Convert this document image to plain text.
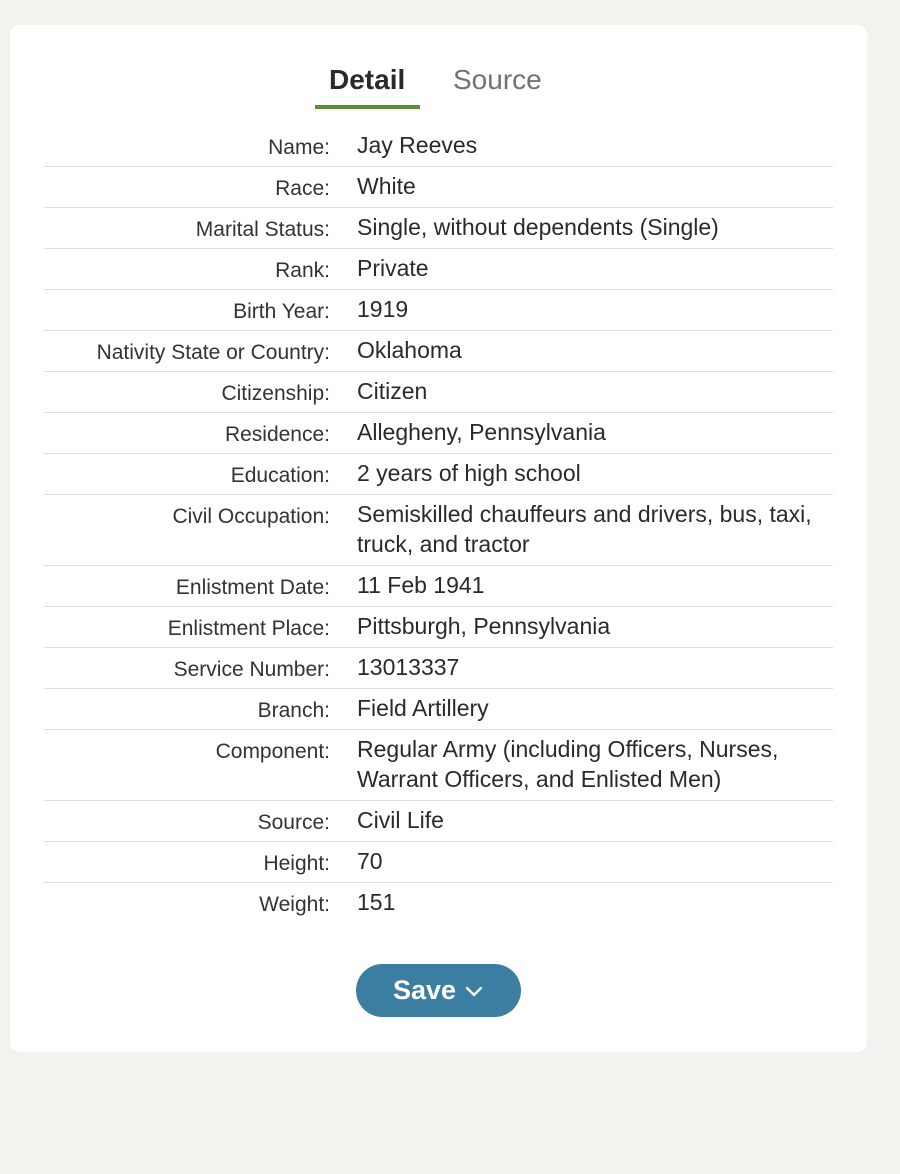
Detail Source
Name:	Jay Reeves
Race:	White
Marital Status:	Single, without dependents (Single)
Rank:	Private
Birth Year:	1919
Nativity State or Country:	Oklahoma
Citizenship:	Citizen
Residence:	Allegheny, Pennsylvania
Education:	2 years of high school
Civil Occupation:	Semiskilled chauffeurs and drivers, bus, taxi, truck, and tractor
Enlistment Date:	11 Feb 1941
Enlistment Place:	Pittsburgh, Pennsylvania
Service Number:	13013337
Branch:	Field Artillery
Component:	Regular Army (including Officers, Nurses, Warrant Officers, and Enlisted Men)
Source:	Civil Life
Height:	70
Weight:	151
Save
